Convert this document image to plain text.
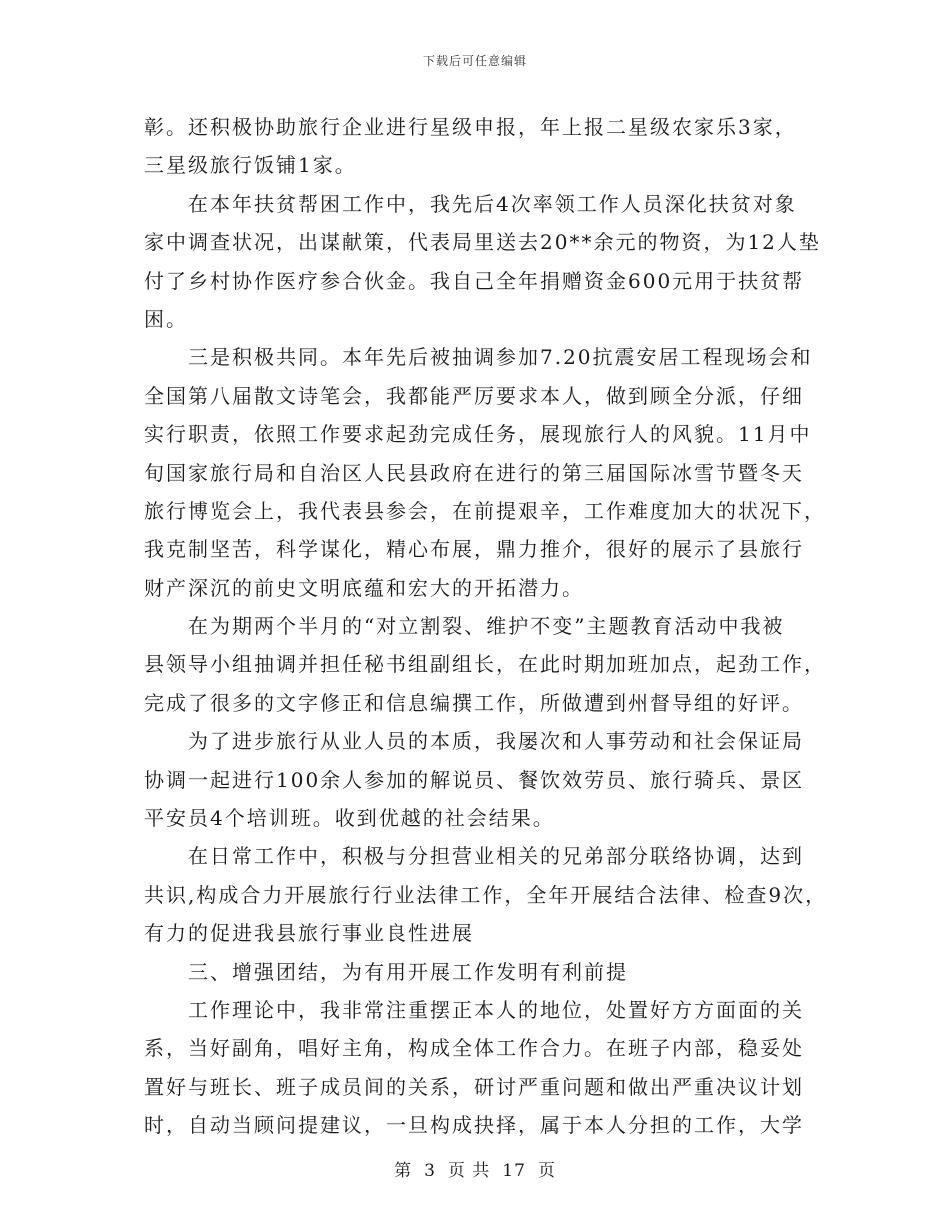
下载后可任意编辑
彰。还积极协助旅行企业进行星级申报，年上报二星级农家乐3家，
三星级旅行饭铺1家。
在本年扶贫帮困工作中，我先后4次率领工作人员深化扶贫对象
家中调查状况，出谋献策，代表局里送去20**余元的物资，为12人垫
付了乡村协作医疗参合伙金。我自己全年捐赠资金600元用于扶贫帮
困。
三是积极共同。本年先后被抽调参加7.20抗震安居工程现场会和
全国第八届散文诗笔会，我都能严厉要求本人，做到顾全分派，仔细
实行职责，依照工作要求起劲完成任务，展现旅行人的风貌。11月中
旬国家旅行局和自治区人民县政府在进行的第三届国际冰雪节暨冬天
旅行博览会上，我代表县参会，在前提艰辛，工作难度加大的状况下，
我克制坚苦，科学谋化，精心布展，鼎力推介，很好的展示了县旅行
财产深沉的前史文明底蕴和宏大的开拓潜力。
在为期两个半月的“对立割裂、维护不变”主题教育活动中我被
县领导小组抽调并担任秘书组副组长，在此时期加班加点，起劲工作，
完成了很多的文字修正和信息编撰工作，所做遭到州督导组的好评。
为了进步旅行从业人员的本质，我屡次和人事劳动和社会保证局
协调一起进行100余人参加的解说员、餐饮效劳员、旅行骑兵、景区
平安员4个培训班。收到优越的社会结果。
在日常工作中，积极与分担营业相关的兄弟部分联络协调，达到
共识,构成合力开展旅行行业法律工作，全年开展结合法律、检查9次，
有力的促进我县旅行事业良性进展
三、增强团结，为有用开展工作发明有利前提
工作理论中，我非常注重摆正本人的地位，处置好方方面面的关
系，当好副角，唱好主角，构成全体工作合力。在班子内部，稳妥处
置好与班长、班子成员间的关系，研讨严重问题和做出严重决议计划
时，自动当顾问提建议，一旦构成抉择，属于本人分担的工作，大学
第 3 页 共 17 页
